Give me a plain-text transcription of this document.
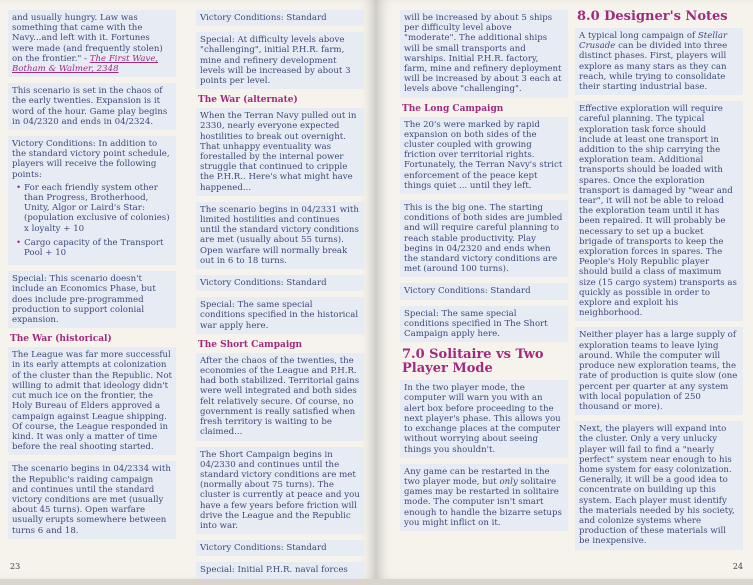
and usually hungry. Law was something that came with the Navy...and left with it. Fortunes were made (and frequently stolen) on the frontier." - The First Wave, Botham & Walmer, 2348

This scenario is set in the chaos of the early twenties. Expansion is it word of the hour. Game play begins in 04/2320 and ends in 04/2324.

Victory Conditions: In addition to the standard victory point schedule, players will receive the following points:

• For each friendly system other than Progress, Brotherhood, Unity, Algor or Laird's Star: (population exclusive of colonies) x loyalty + 10
• Cargo capacity of the Transport Pool + 10

Special: This scenario doesn't include an Economics Phase, but does include pre-programmed production to support colonial expansion.

The War (historical)

The League was far more successful in its early attempts at colonization of the cluster than the Republic. Not willing to admit that ideology didn't cut much ice on the frontier, the Holy Bureau of Elders approved a campaign against League shipping. Of course, the League responded in kind. It was only a matter of time before the real shooting started.

The scenario begins in 04/2334 with the Republic's raiding campaign and continues until the standard victory conditions are met (usually about 45 turns). Open warfare usually erupts somewhere between turns 6 and 18.

Victory Conditions: Standard

Special: At difficulty levels above "challenging", initial P.H.R. farm, mine and refinery development levels will be increased by about 3 points per level.

The War (alternate)

When the Terran Navy pulled out in 2330, nearly everyone expected hostilities to break out overnight. That unhappy eventuality was forestalled by the internal power struggle that continued to cripple the P.H.R.. Here's what might have happened...

The scenario begins in 04/2331 with limited hostilities and continues until the standard victory conditions are met (usually about 55 turns). Open warfare will normally break out in 6 to 18 turns.

Victory Conditions: Standard

Special: The same special conditions specified in the historical war apply here.

The Short Campaign

After the chaos of the twenties, the economies of the League and P.H.R. had both stabilized. Territorial gains were well integrated and both sides felt relatively secure. Of course, no government is really satisfied when fresh territory is waiting to be claimed...

The Short Campaign begins in 04/2330 and continues until the standard victory conditions are met (normally about 75 turns). The cluster is currently at peace and you have a few years before friction will drive the League and the Republic into war.

Victory Conditions: Standard

Special: Initial P.H.R. naval forces

23

will be increased by about 5 ships per difficulty level above "moderate". The additional ships will be small transports and warships. Initial P.H.R. factory, farm, mine and refinery deployment will be increased by about 3 each at levels above "challenging".

The Long Campaign

The 20's were marked by rapid expansion on both sides of the cluster coupled with growing friction over territorial rights. Fortunately, the Terran Navy's strict enforcement of the peace kept things quiet ... until they left.

This is the big one. The starting conditions of both sides are jumbled and will require careful planning to reach stable productivity. Play begins in 04/2320 and ends when the standard victory conditions are met (around 100 turns).

Victory Conditions: Standard

Special: The same special conditions specified in The Short Campaign apply here.

7.0 Solitaire vs Two Player Mode

In the two player mode, the computer will warn you with an alert box before proceeding to the next player's phase. This allows you to exchange places at the computer without worrying about seeing things you shouldn't.

Any game can be restarted in the two player mode, but only solitaire games may be restarted in solitaire mode. The computer isn't smart enough to handle the bizarre setups you might inflict on it.

8.0 Designer's Notes

A typical long campaign of Stellar Crusade can be divided into three distinct phases. First, players will explore as many stars as they can reach, while trying to consolidate their starting industrial base.

Effective exploration will require careful planning. The typical exploration task force should include at least one transport in addition to the ship carrying the exploration team. Additional transports should be loaded with spares. Once the exploration transport is damaged by "wear and tear", it will not be able to reload the exploration team until it has been repaired. It will probably be necessary to set up a bucket brigade of transports to keep the exploration forces in spares. The People's Holy Republic player should build a class of maximum size (15 cargo system) transports as quickly as possible in order to explore and exploit his neighborhood.

Neither player has a large supply of exploration teams to leave lying around. While the computer will produce new exploration teams, the rate of production is quite slow (one percent per quarter at any system with local population of 250 thousand or more).

Next, the players will expand into the cluster. Only a very unlucky player will fail to find a "nearly perfect" system near enough to his home system for easy colonization. Generally, it will be a good idea to concentrate on building up this system. Each player must identify the materials needed by his society, and colonize systems where production of these materials will be inexpensive.

24
